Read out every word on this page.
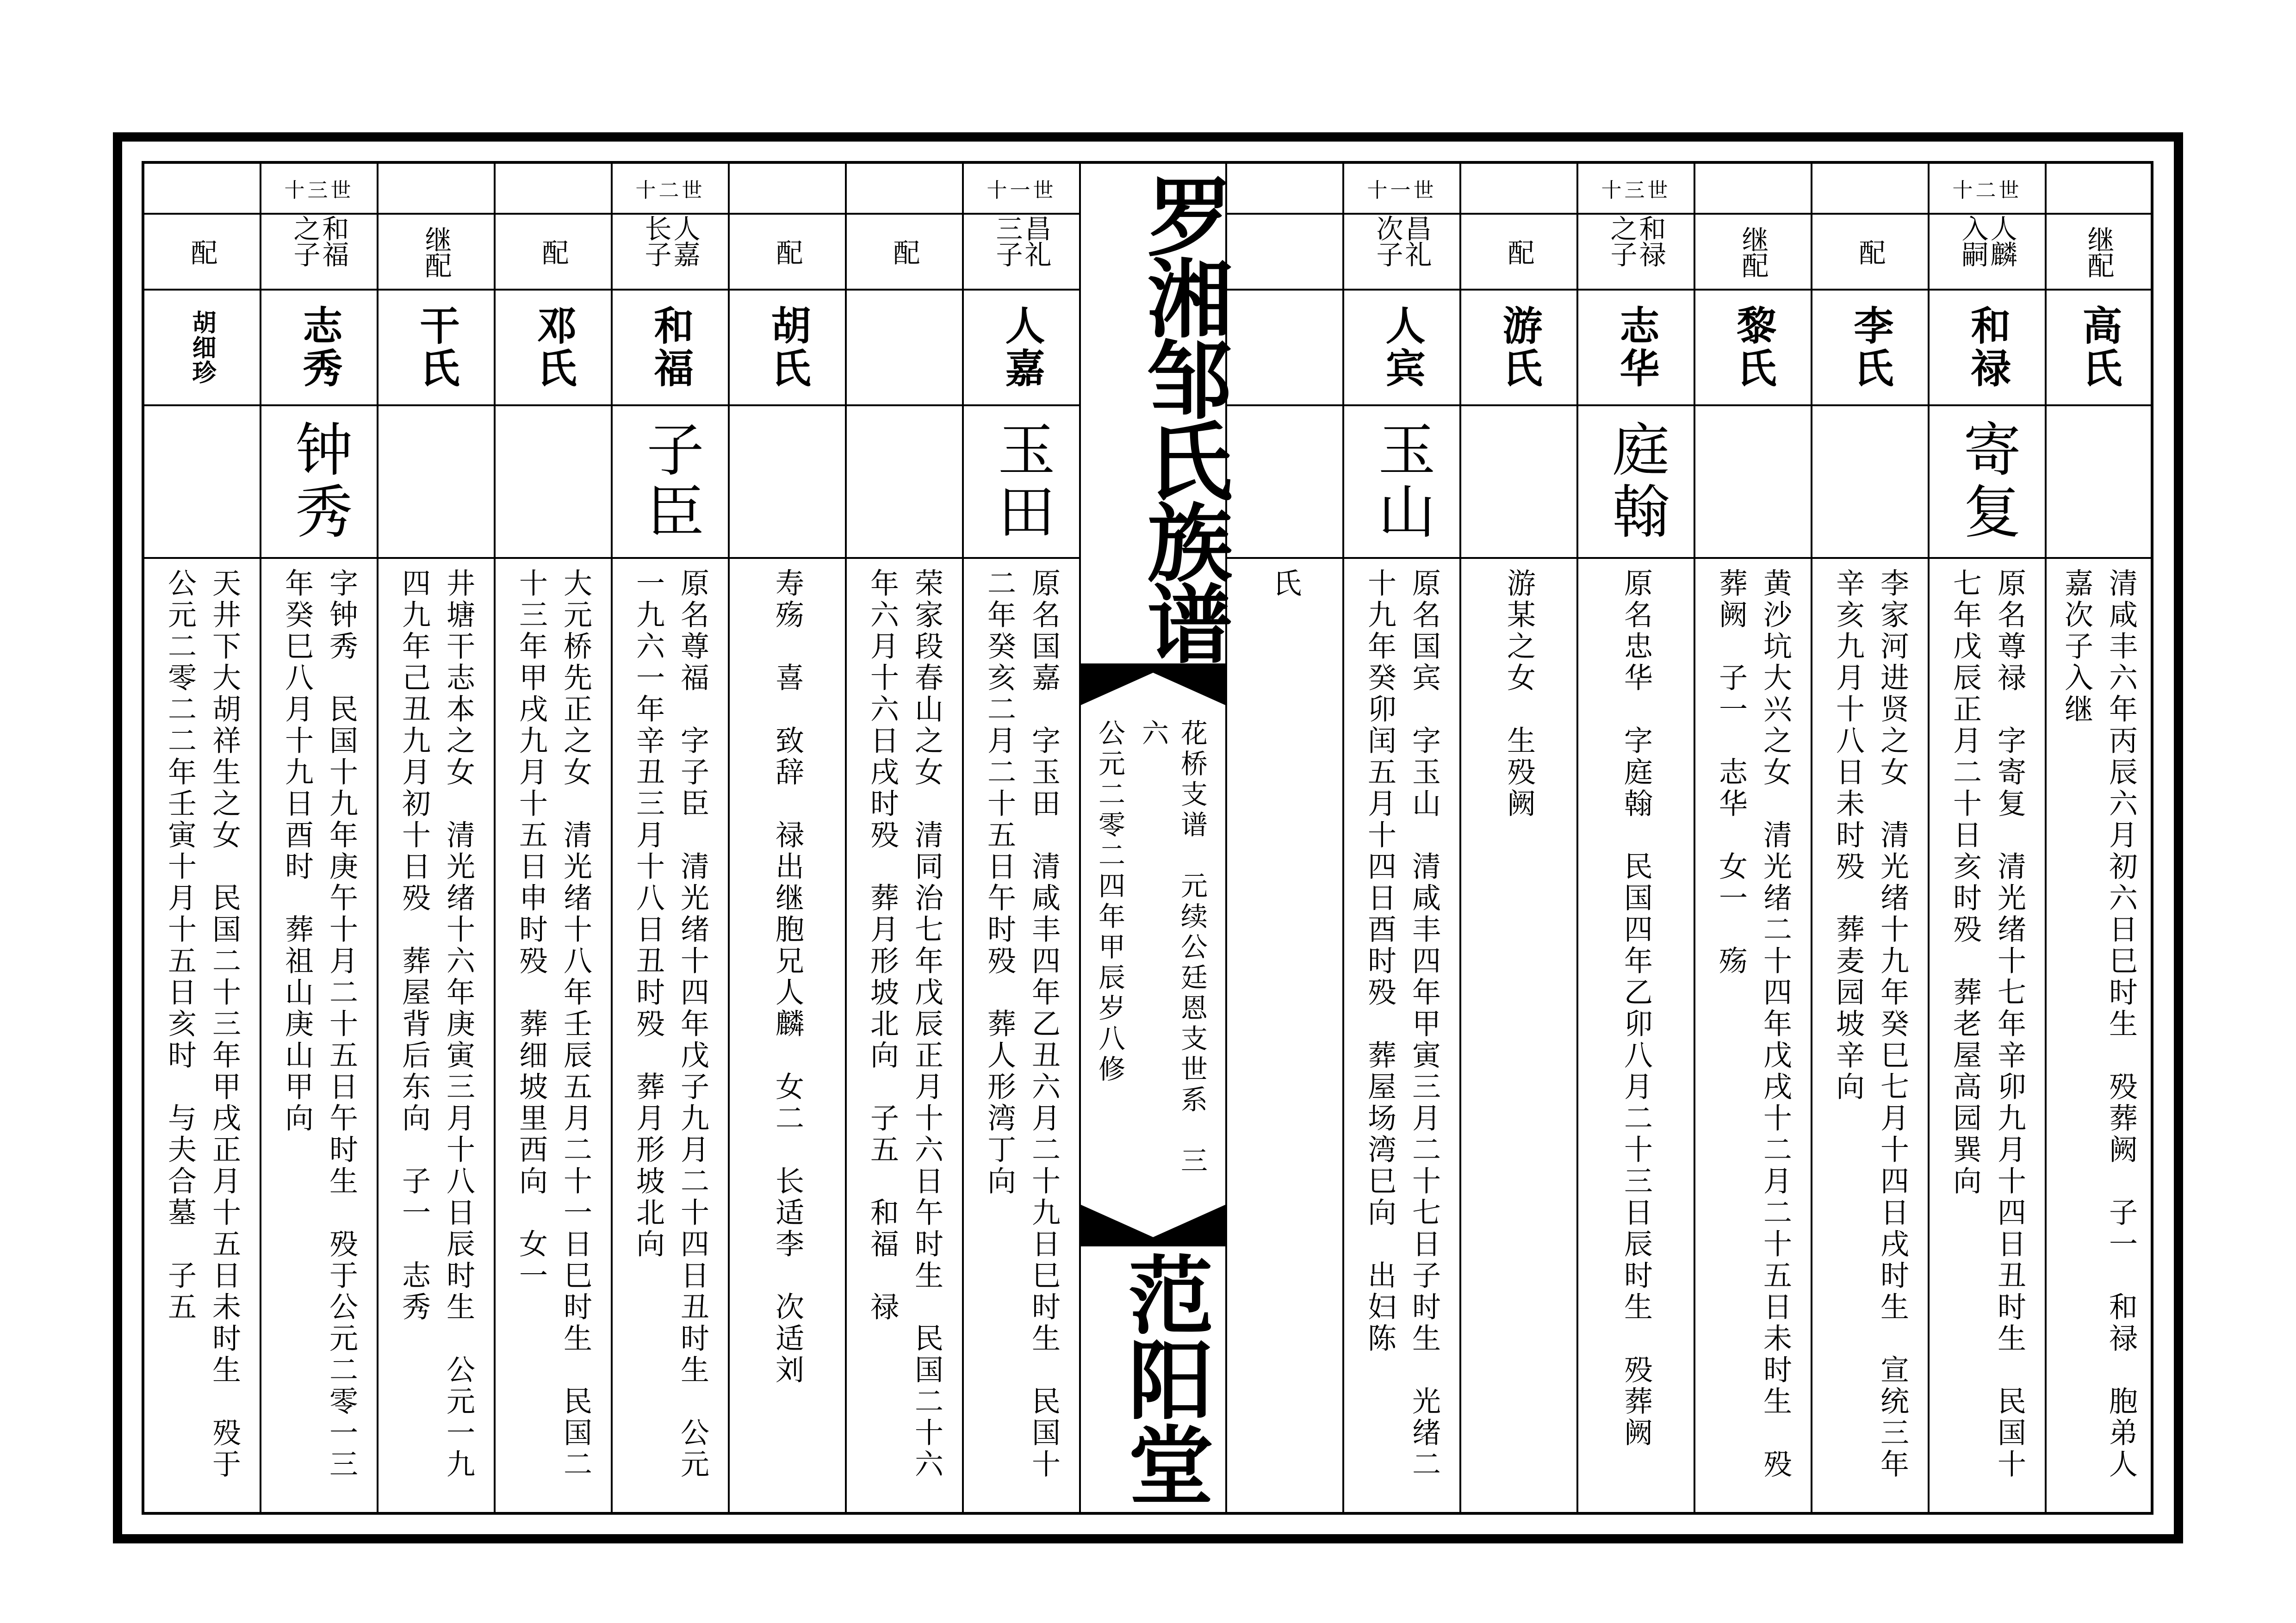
罗湘邹氏族谱
花桥支谱　元续公廷恩支世系　三六
公元二零二四年甲辰岁八修
范阳堂
配
胡细珍
天井下大胡祥生之女　民国二十三年甲戌正月十五日未时生　殁于公元二零二二年壬寅十月十五日亥时　与夫合墓　子五
十三世
和福之子
志秀
钟秀
字钟秀　民国十九年庚午十月二十五日午时生　殁于公元二零一三年癸巳八月十九日酉时　葬祖山庚山甲向
继配
干氏
井塘干志本之女　清光绪十六年庚寅三月十八日辰时生　公元一九四九年己丑九月初十日殁　葬屋背后东向　子一　志秀
配
邓氏
大元桥先正之女　清光绪十八年壬辰五月二十一日巳时生　民国二十三年甲戌九月十五日申时殁　葬细坡里西向　女一
十二世
人嘉长子
和福
子臣
原名尊福　字子臣　清光绪十四年戊子九月二十四日丑时生　公元一九六一年辛丑三月十八日丑时殁　葬月形坡北向
配
胡氏
寿殇　喜　致辞　禄出继胞兄人麟　女二　长适李　次适刘
配
荣家段春山之女　清同治七年戊辰正月十六日午时生　民国二十六年六月十六日戌时殁　葬月形坡北向　子五　和福　禄
十一世
昌礼三子
人嘉
玉田
原名国嘉　字玉田　清咸丰四年乙丑六月二十九日巳时生　民国十二年癸亥二月二十五日午时殁　葬人形湾丁向	氏
十一世
昌礼次子
人宾
玉山
原名国宾　字玉山　清咸丰四年甲寅三月二十七日子时生　光绪二十九年癸卯闰五月十四日酉时殁　葬屋场湾巳向　出妇陈
配
游氏
游某之女　生殁阙
十三世
和禄之子
志华
庭翰
原名忠华　字庭翰　民国四年乙卯八月二十三日辰时生　殁葬阙
继配
黎氏
黄沙坑大兴之女　清光绪二十四年戊戌十二月二十五日未时生　殁葬阙　子一　志华　女一　殇
配
李氏
李家河进贤之女　清光绪十九年癸巳七月十四日戌时生　宣统三年辛亥九月十八日未时殁　葬麦园坡辛向
十二世
人麟入嗣
和禄
寄复
原名尊禄　字寄复　清光绪十七年辛卯九月十四日丑时生　民国十七年戊辰正月二十日亥时殁　葬老屋高园巽向
继配
高氏
清咸丰六年丙辰六月初六日巳时生　殁葬阙　子一　和禄　胞弟人嘉次子入继
